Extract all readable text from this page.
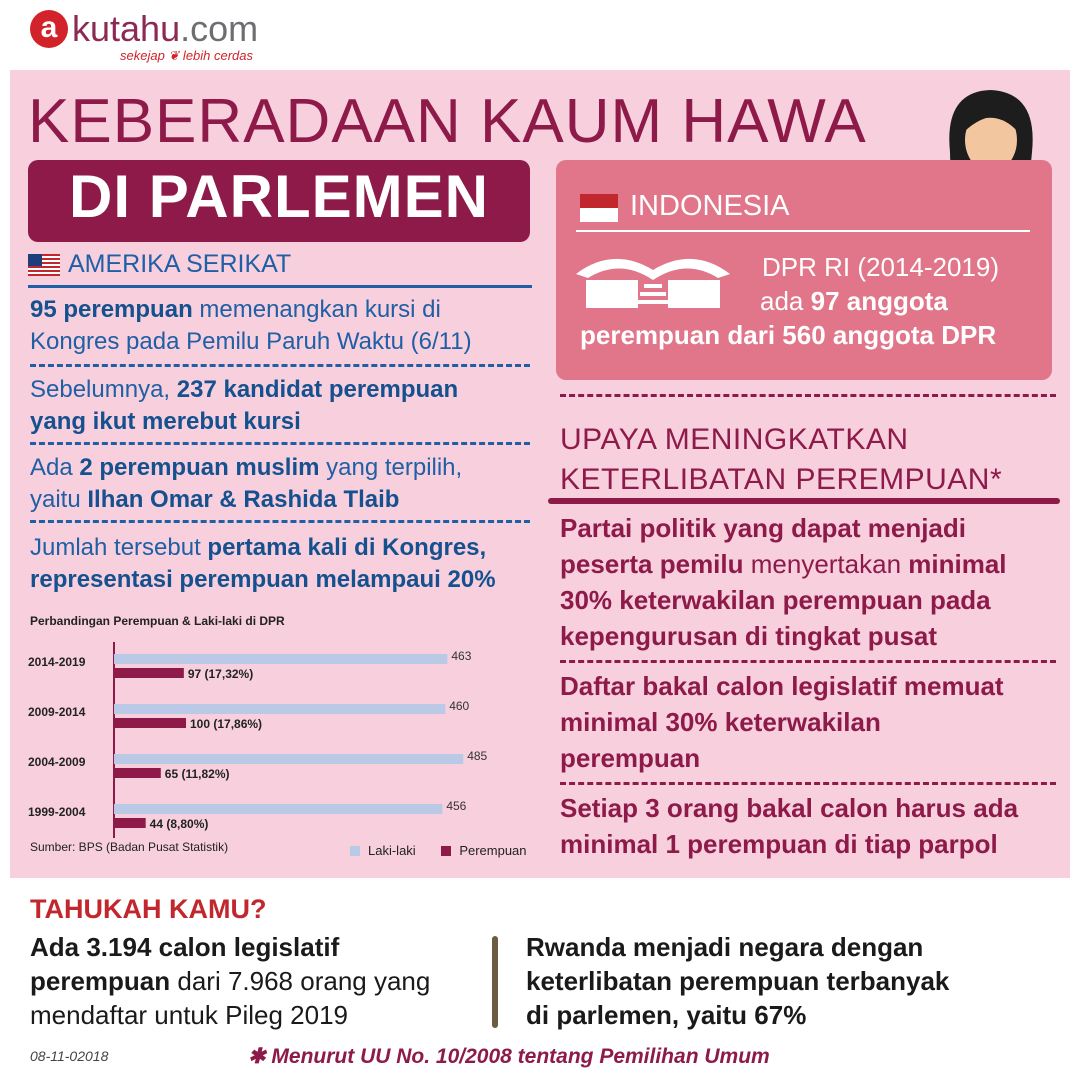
a kutahu.com
sekejap ❦ lebih cerdas
KEBERADAAN KAUM HAWA
DI PARLEMEN
AMERIKA SERIKAT
95 perempuan memenangkan kursi di
Kongres pada Pemilu Paruh Waktu (6/11)
Sebelumnya, 237 kandidat perempuan
yang ikut merebut kursi
Ada 2 perempuan muslim yang terpilih,
yaitu Ilhan Omar & Rashida Tlaib
Jumlah tersebut pertama kali di Kongres,
representasi perempuan melampaui 20%
Perbandingan Perempuan & Laki-laki di DPR
2014-2019	463
97 (17,32%)
2009-2014	460
100 (17,86%)
2004-2009	485
65 (11,82%)
1999-2004	456
44 (8,80%)
Sumber: BPS (Badan Pusat Statistik)	Laki-laki	Perempuan
INDONESIA
DPR RI (2014-2019)
ada 97 anggota
perempuan dari 560 anggota DPR
UPAYA MENINGKATKAN
KETERLIBATAN PEREMPUAN*
Partai politik yang dapat menjadi
peserta pemilu menyertakan minimal
30% keterwakilan perempuan pada
kepengurusan di tingkat pusat
Daftar bakal calon legislatif memuat
minimal 30% keterwakilan
perempuan
Setiap 3 orang bakal calon harus ada
minimal 1 perempuan di tiap parpol
TAHUKAH KAMU?
Ada 3.194 calon legislatif
perempuan dari 7.968 orang yang
mendaftar untuk Pileg 2019
Rwanda menjadi negara dengan
keterlibatan perempuan terbanyak
di parlemen, yaitu 67%
08-11-02018	✱ Menurut UU No. 10/2008 tentang Pemilihan Umum
